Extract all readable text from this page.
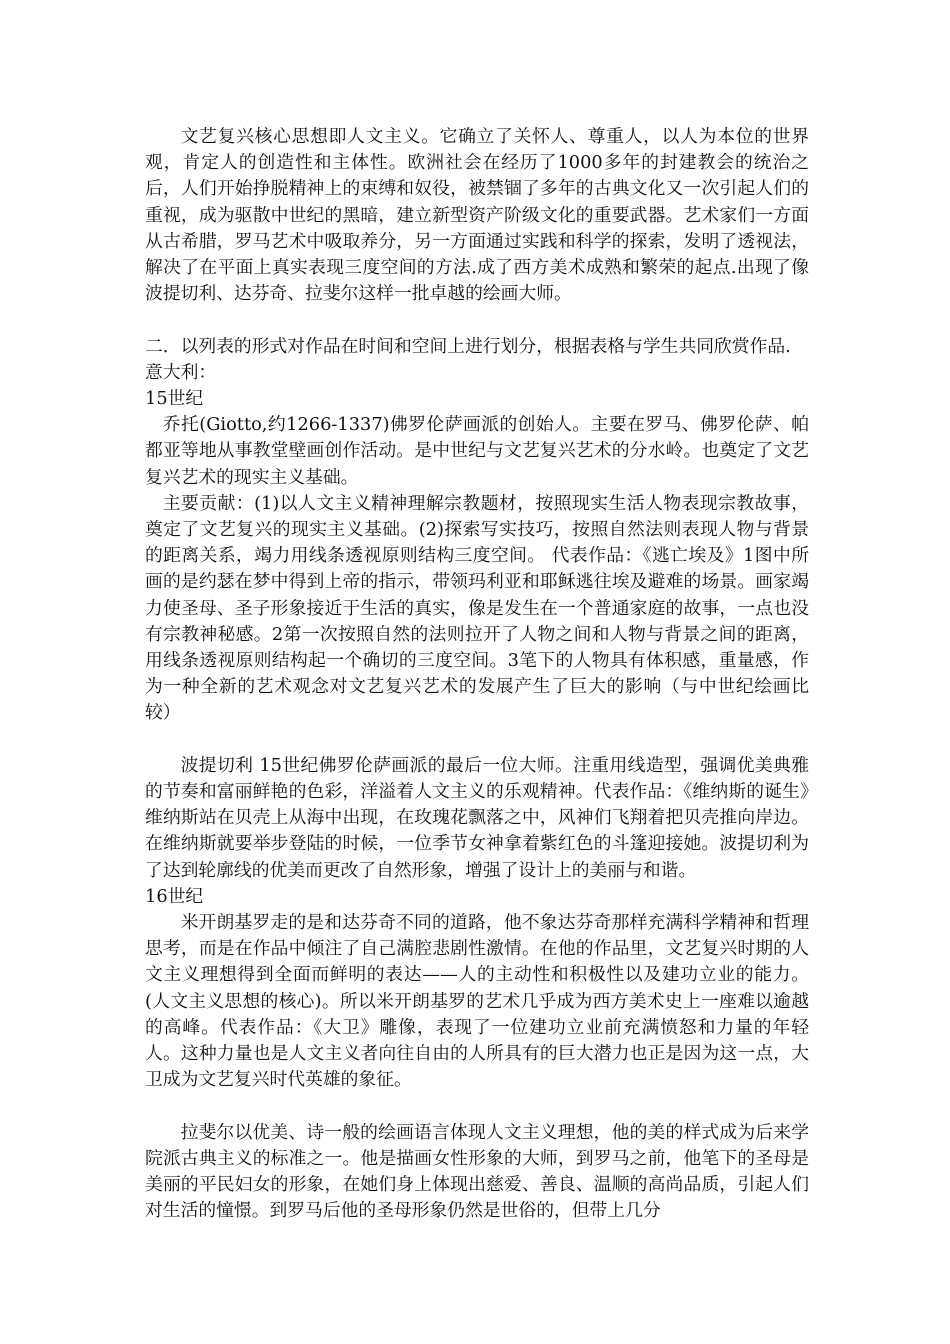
文艺复兴核心思想即人文主义。它确立了关怀人、尊重人，以人为本位的世界观，肯定人的创造性和主体性。欧洲社会在经历了1000多年的封建教会的统治之后，人们开始挣脱精神上的束缚和奴役，被禁锢了多年的古典文化又一次引起人们的重视，成为驱散中世纪的黑暗，建立新型资产阶级文化的重要武器。艺术家们一方面从古希腊，罗马艺术中吸取养分，另一方面通过实践和科学的探索，发明了透视法，解决了在平面上真实表现三度空间的方法.成了西方美术成熟和繁荣的起点.出现了像波提切利、达芬奇、拉斐尔这样一批卓越的绘画大师。

二．以列表的形式对作品在时间和空间上进行划分，根据表格与学生共同欣赏作品.

意大利：

15世纪

乔托(Giotto,约1266-1337)佛罗伦萨画派的创始人。主要在罗马、佛罗伦萨、帕都亚等地从事教堂壁画创作活动。是中世纪与文艺复兴艺术的分水岭。也奠定了文艺复兴艺术的现实主义基础。

主要贡献：(1)以人文主义精神理解宗教题材，按照现实生活人物表现宗教故事，奠定了文艺复兴的现实主义基础。(2)探索写实技巧，按照自然法则表现人物与背景的距离关系，竭力用线条透视原则结构三度空间。 代表作品：《逃亡埃及》1图中所画的是约瑟在梦中得到上帝的指示，带领玛利亚和耶稣逃往埃及避难的场景。画家竭力使圣母、圣子形象接近于生活的真实，像是发生在一个普通家庭的故事，一点也没有宗教神秘感。2第一次按照自然的法则拉开了人物之间和人物与背景之间的距离，用线条透视原则结构起一个确切的三度空间。3笔下的人物具有体积感，重量感，作为一种全新的艺术观念对文艺复兴艺术的发展产生了巨大的影响（与中世纪绘画比较）

波提切利 15世纪佛罗伦萨画派的最后一位大师。注重用线造型，强调优美典雅的节奏和富丽鲜艳的色彩，洋溢着人文主义的乐观精神。代表作品：《维纳斯的诞生》维纳斯站在贝壳上从海中出现，在玫瑰花飘落之中，风神们飞翔着把贝壳推向岸边。在维纳斯就要举步登陆的时候，一位季节女神拿着紫红色的斗篷迎接她。波提切利为了达到轮廓线的优美而更改了自然形象，增强了设计上的美丽与和谐。

16世纪

米开朗基罗走的是和达芬奇不同的道路，他不象达芬奇那样充满科学精神和哲理思考，而是在作品中倾注了自己满腔悲剧性激情。在他的作品里，文艺复兴时期的人文主义理想得到全面而鲜明的表达——人的主动性和积极性以及建功立业的能力。(人文主义思想的核心)。所以米开朗基罗的艺术几乎成为西方美术史上一座难以逾越的高峰。代表作品：《大卫》雕像，表现了一位建功立业前充满愤怒和力量的年轻人。这种力量也是人文主义者向往自由的人所具有的巨大潜力也正是因为这一点，大卫成为文艺复兴时代英雄的象征。

拉斐尔以优美、诗一般的绘画语言体现人文主义理想，他的美的样式成为后来学院派古典主义的标准之一。他是描画女性形象的大师，到罗马之前，他笔下的圣母是美丽的平民妇女的形象，在她们身上体现出慈爱、善良、温顺的高尚品质，引起人们对生活的憧憬。到罗马后他的圣母形象仍然是世俗的，但带上几分
